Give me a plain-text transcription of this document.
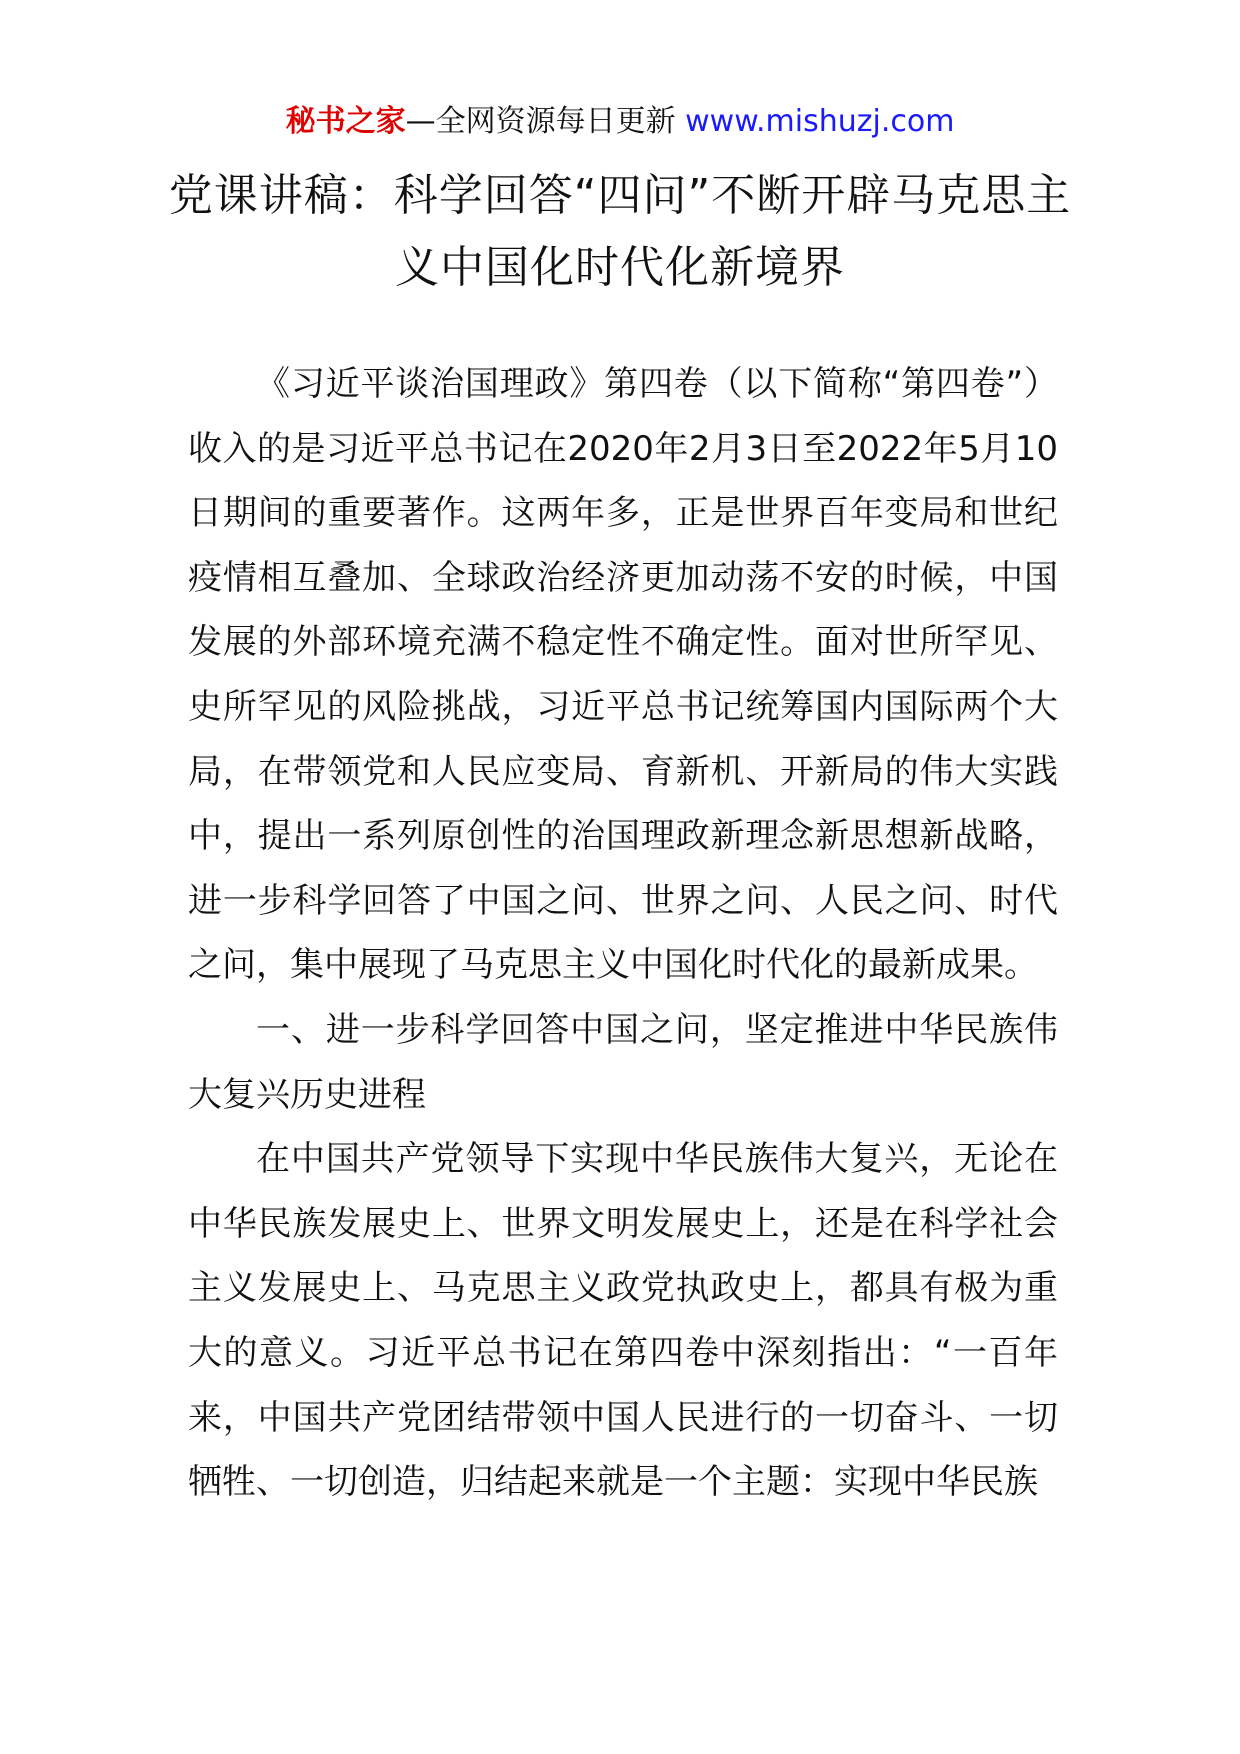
秘书之家—全网资源每日更新 www.mishuzj.com
党课讲稿：科学回答“四问”不断开辟马克思主义中国化时代化新境界

《习近平谈治国理政》第四卷（以下简称“第四卷”）收入的是习近平总书记在2020年2月3日至2022年5月10日期间的重要著作。这两年多，正是世界百年变局和世纪疫情相互叠加、全球政治经济更加动荡不安的时候，中国发展的外部环境充满不稳定性不确定性。面对世所罕见、史所罕见的风险挑战，习近平总书记统筹国内国际两个大局，在带领党和人民应变局、育新机、开新局的伟大实践中，提出一系列原创性的治国理政新理念新思想新战略，进一步科学回答了中国之问、世界之问、人民之问、时代之问，集中展现了马克思主义中国化时代化的最新成果。

一、进一步科学回答中国之问，坚定推进中华民族伟大复兴历史进程

在中国共产党领导下实现中华民族伟大复兴，无论在中华民族发展史上、世界文明发展史上，还是在科学社会主义发展史上、马克思主义政党执政史上，都具有极为重大的意义。习近平总书记在第四卷中深刻指出：“一百年来，中国共产党团结带领中国人民进行的一切奋斗、一切牺牲、一切创造，归结起来就是一个主题：实现中华民族
